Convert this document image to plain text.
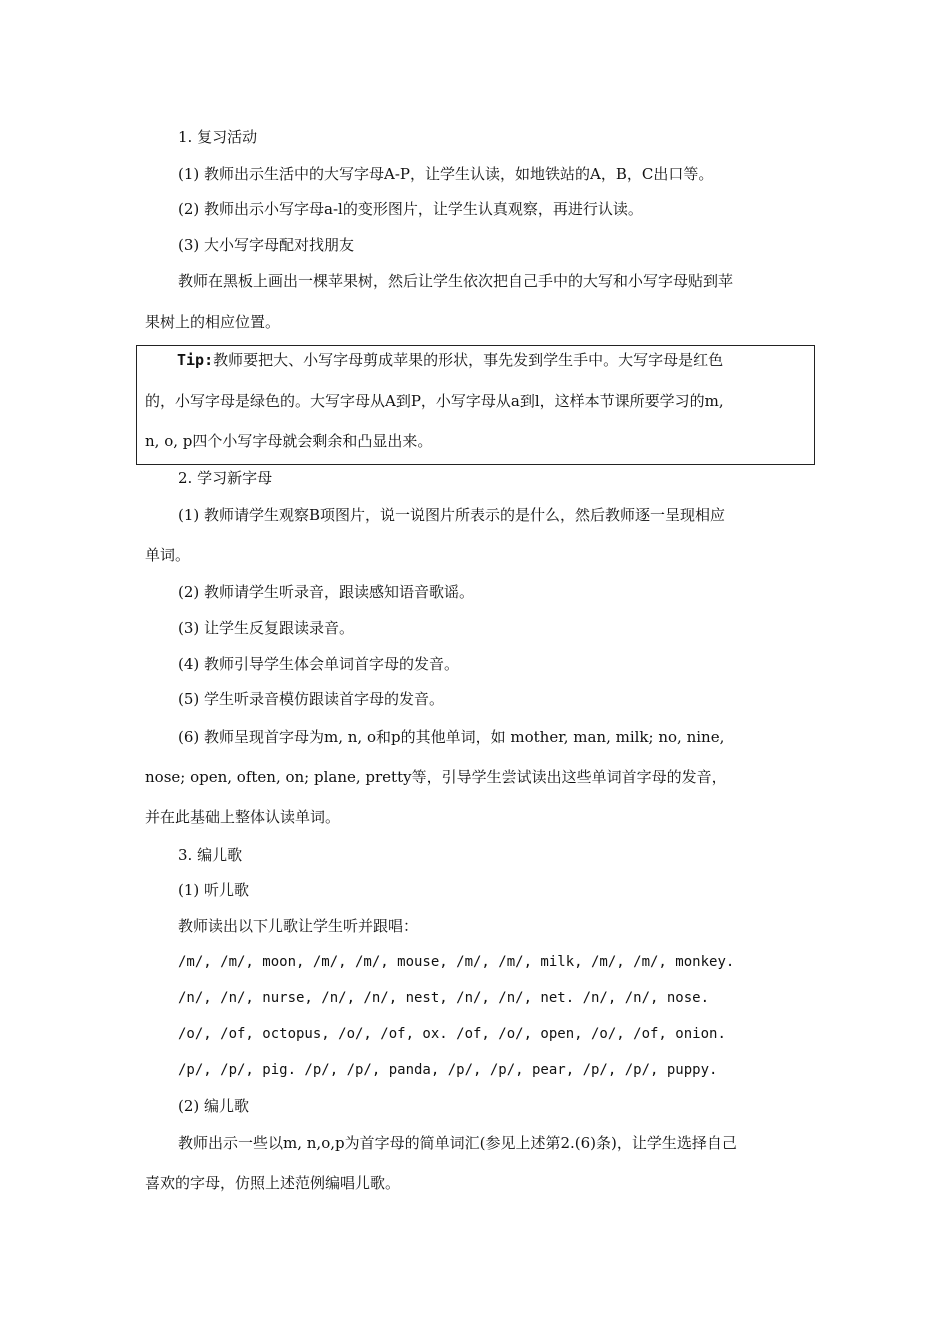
1. 复习活动
(1) 教师出示生活中的大写字母A-P，让学生认读，如地铁站的A，B，C出口等。
(2) 教师出示小写字母a-l的变形图片，让学生认真观察，再进行认读。
(3) 大小写字母配对找朋友
教师在黑板上画出一棵苹果树，然后让学生依次把自己手中的大写和小写字母贴到苹
果树上的相应位置。
Tip:教师要把大、小写字母剪成苹果的形状，事先发到学生手中。大写字母是红色
的，小写字母是绿色的。大写字母从A到P，小写字母从a到l，这样本节课所要学习的m,
n, o, p四个小写字母就会剩余和凸显出来。
2. 学习新字母
(1) 教师请学生观察B项图片，说一说图片所表示的是什么，然后教师逐一呈现相应
单词。
(2) 教师请学生听录音，跟读感知语音歌谣。
(3) 让学生反复跟读录音。
(4) 教师引导学生体会单词首字母的发音。
(5) 学生听录音模仿跟读首字母的发音。
(6) 教师呈现首字母为m, n, o和p的其他单词，如 mother, man, milk; no, nine,
nose; open, often, on; plane, pretty等，引导学生尝试读出这些单词首字母的发音，
并在此基础上整体认读单词。
3. 编儿歌
(1) 听儿歌
教师读出以下儿歌让学生听并跟唱：
/m/, /m/, moon, /m/, /m/, mouse, /m/, /m/, milk, /m/, /m/, monkey.
/n/, /n/, nurse, /n/, /n/, nest, /n/, /n/, net. /n/, /n/, nose.
/o/, /of, octopus, /o/, /of, ox. /of, /o/, open, /o/, /of, onion.
/p/, /p/, pig. /p/, /p/, panda, /p/, /p/, pear, /p/, /p/, puppy.
(2) 编儿歌
教师出示一些以m, n,o,p为首字母的简单词汇(参见上述第2.(6)条)，让学生选择自己
喜欢的字母，仿照上述范例编唱儿歌。
